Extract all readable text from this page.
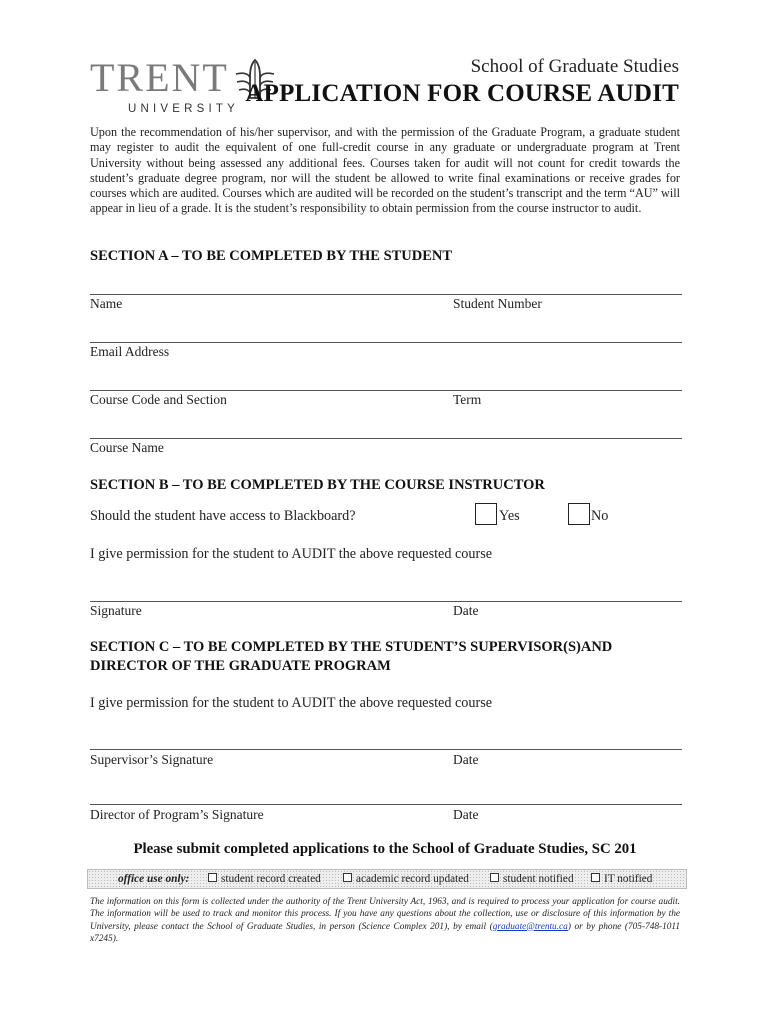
TRENT
UNIVERSITY
School of Graduate Studies
APPLICATION FOR COURSE AUDIT
Upon the recommendation of his/her supervisor, and with the permission of the Graduate Program, a graduate student may register to audit the equivalent of one full-credit course in any graduate or undergraduate program at Trent University without being assessed any additional fees. Courses taken for audit will not count for credit towards the student’s graduate degree program, nor will the student be allowed to write final examinations or receive grades for courses which are audited. Courses which are audited will be recorded on the student’s transcript and the term “AU” will appear in lieu of a grade. It is the student’s responsibility to obtain permission from the course instructor to audit.
SECTION A – TO BE COMPLETED BY THE STUDENT
Name	Student Number
Email Address
Course Code and Section	Term
Course Name
SECTION B – TO BE COMPLETED BY THE COURSE INSTRUCTOR
Should the student have access to Blackboard?	Yes	No
I give permission for the student to AUDIT the above requested course
Signature	Date
SECTION C – TO BE COMPLETED BY THE STUDENT’S SUPERVISOR(S)AND
DIRECTOR OF THE GRADUATE PROGRAM
I give permission for the student to AUDIT the above requested course
Supervisor’s Signature	Date
Director of Program’s Signature	Date
Please submit completed applications to the School of Graduate Studies, SC 201
office use only:	student record created	academic record updated	student notified	IT notified
The information on this form is collected under the authority of the Trent University Act, 1963, and is required to process your application for course audit. The information will be used to track and monitor this process. If you have any questions about the collection, use or disclosure of this information by the University, please contact the School of Graduate Studies, in person (Science Complex 201), by email (graduate@trentu.ca) or by phone (705-748-1011 x7245).
